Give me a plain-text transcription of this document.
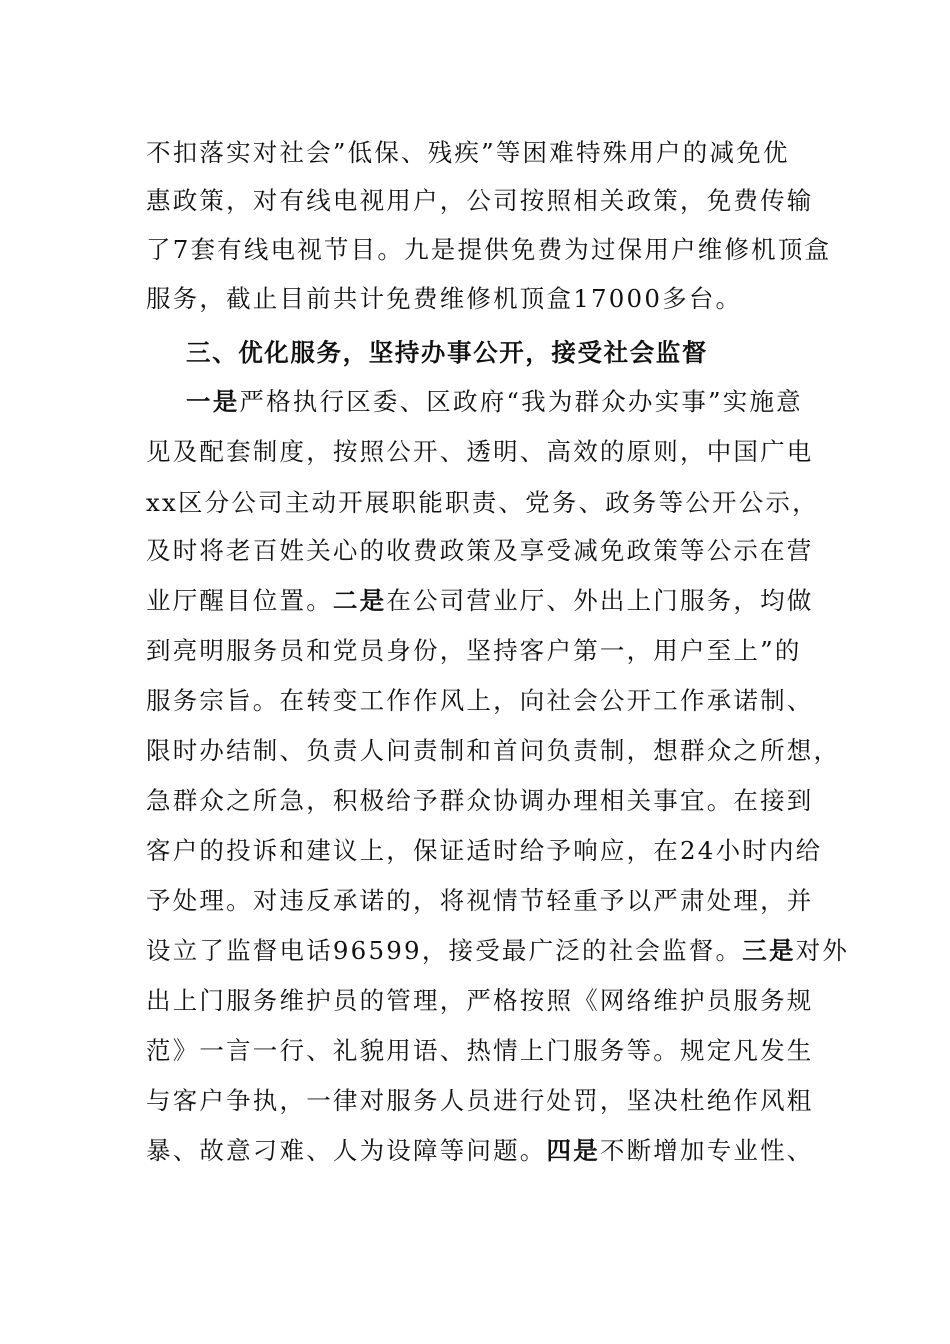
不扣落实对社会”低保、残疾”等困难特殊用户的减免优
惠政策，对有线电视用户，公司按照相关政策，免费传输
了7套有线电视节目。九是提供免费为过保用户维修机顶盒
服务，截止目前共计免费维修机顶盒17000多台。
三、优化服务，坚持办事公开，接受社会监督
一是严格执行区委、区政府“我为群众办实事”实施意
见及配套制度，按照公开、透明、高效的原则，中国广电
xx区分公司主动开展职能职责、党务、政务等公开公示，
及时将老百姓关心的收费政策及享受减免政策等公示在营
业厅醒目位置。二是在公司营业厅、外出上门服务，均做
到亮明服务员和党员身份，坚持客户第一，用户至上”的
服务宗旨。在转变工作作风上，向社会公开工作承诺制、
限时办结制、负责人问责制和首问负责制，想群众之所想，
急群众之所急，积极给予群众协调办理相关事宜。在接到
客户的投诉和建议上，保证适时给予响应，在24小时内给
予处理。对违反承诺的，将视情节轻重予以严肃处理，并
设立了监督电话96599，接受最广泛的社会监督。三是对外
出上门服务维护员的管理，严格按照《网络维护员服务规
范》一言一行、礼貌用语、热情上门服务等。规定凡发生
与客户争执，一律对服务人员进行处罚，坚决杜绝作风粗
暴、故意刁难、人为设障等问题。四是不断增加专业性、
